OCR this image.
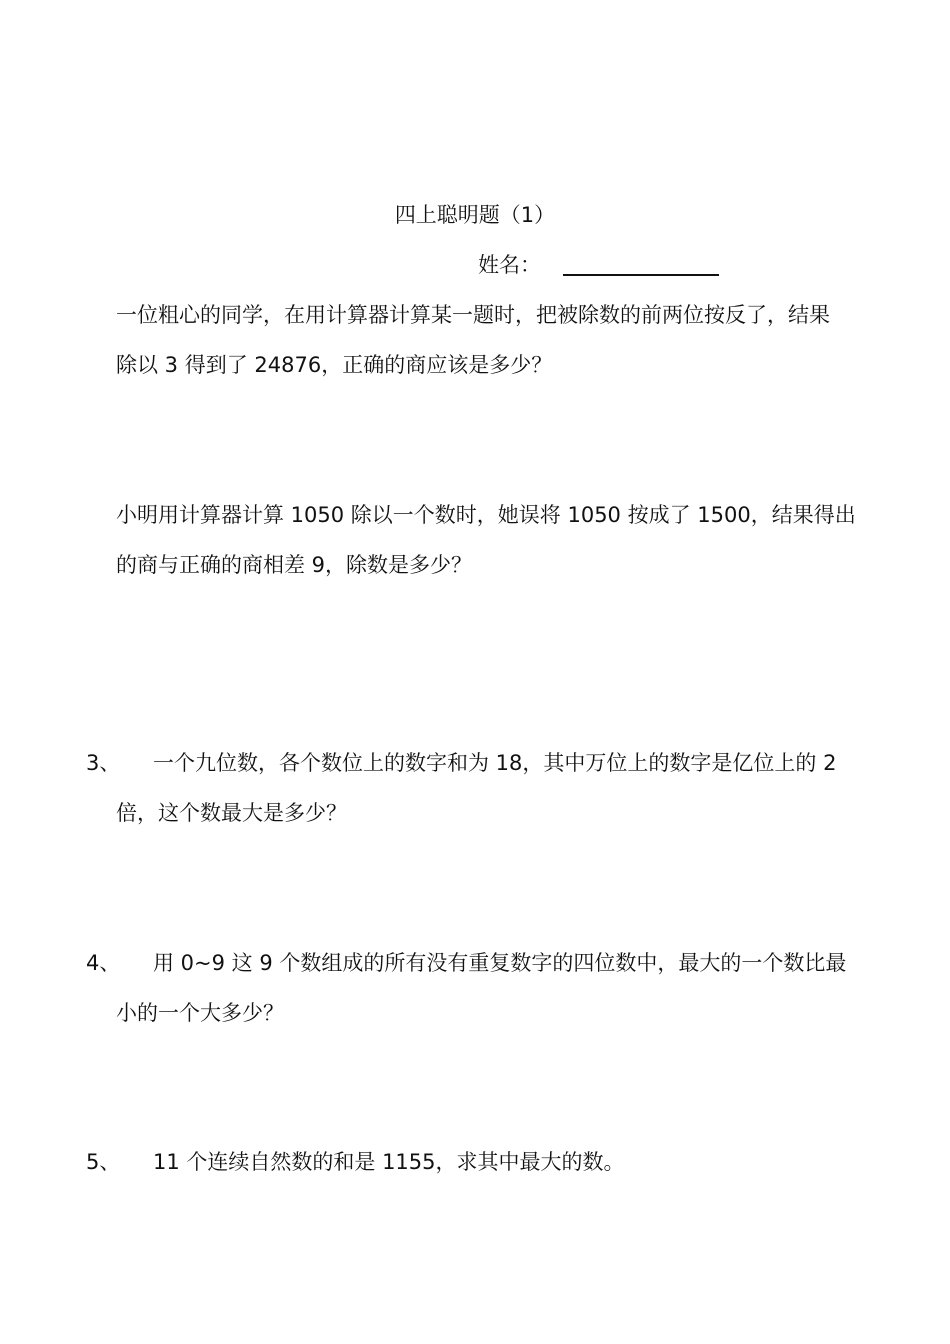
四上聪明题（1）
姓名：
一位粗心的同学，在用计算器计算某一题时，把被除数的前两位按反了，结果
除以 3 得到了 24876，正确的商应该是多少？
小明用计算器计算 1050 除以一个数时，她误将 1050 按成了 1500，结果得出
的商与正确的商相差 9，除数是多少？
3、	一个九位数，各个数位上的数字和为 18，其中万位上的数字是亿位上的 2
倍，这个数最大是多少？
4、	用 0~9 这 9 个数组成的所有没有重复数字的四位数中，最大的一个数比最
小的一个大多少？
5、	11 个连续自然数的和是 1155，求其中最大的数。
